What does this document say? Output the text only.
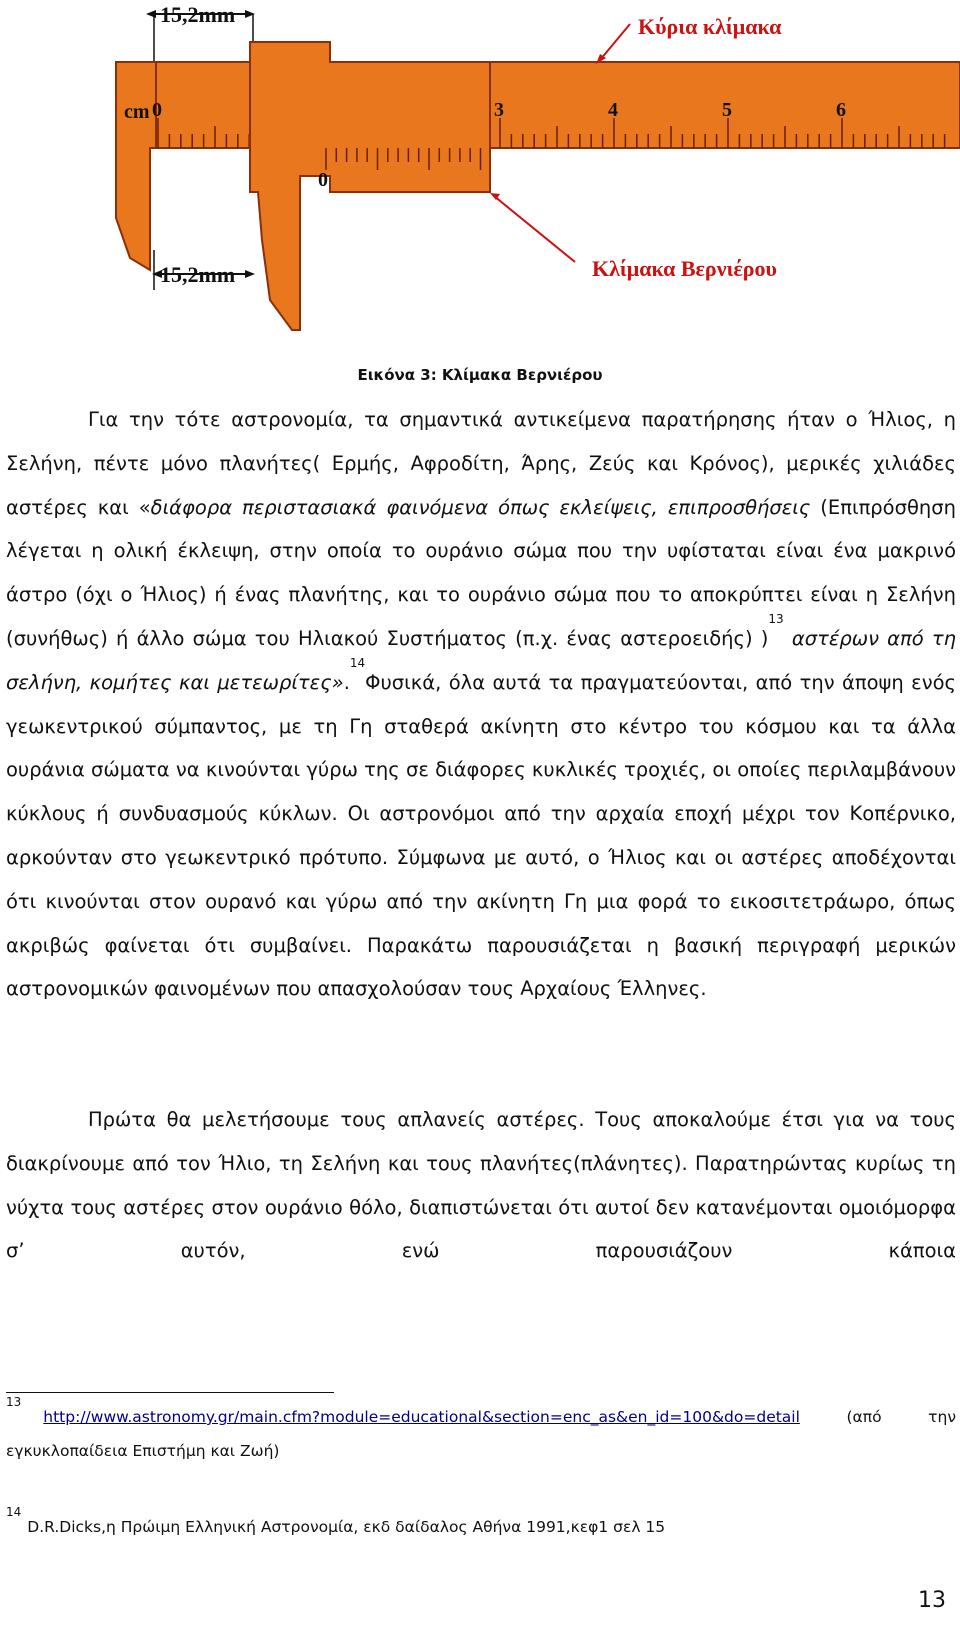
15,2mm
0	3	4	5	6
cm
0
15,2mm
Κύρια κλίμακα
Κλίμακα Βερνιέρου
Εικόνα 3: Κλίμακα Βερνιέρου

Για την τότε αστρονομία, τα σημαντικά αντικείμενα παρατήρησης ήταν ο Ήλιος, η Σελήνη, πέντε μόνο πλανήτες( Ερμής, Αφροδίτη, Άρης, Ζεύς και Κρόνος), μερικές χιλιάδες αστέρες και «διάφορα περιστασιακά φαινόμενα όπως εκλείψεις, επιπροσθήσεις (Επιπρόσθηση λέγεται η ολική έκλειψη, στην οποία το ουράνιο σώμα που την υφίσταται είναι ένα μακρινό άστρο (όχι ο Ήλιος) ή ένας πλανήτης, και το ουράνιο σώμα που το αποκρύπτει είναι η Σελήνη (συνήθως) ή άλλο σώμα του Ηλιακού Συστήματος (π.χ. ένας αστεροειδής) )$^{13}$ αστέρων από τη σελήνη, κομήτες και μετεωρίτες».$^{14}$Φυσικά, όλα αυτά τα πραγματεύονται, από την άποψη ενός γεωκεντρικού σύμπαντος, με τη Γη σταθερά ακίνητη στο κέντρο του κόσμου και τα άλλα ουράνια σώματα να κινούνται γύρω της σε διάφορες κυκλικές τροχιές, οι οποίες περιλαμβάνουν κύκλους ή συνδυασμούς κύκλων. Οι αστρονόμοι από την αρχαία εποχή μέχρι τον Κοπέρνικο, αρκούνταν στο γεωκεντρικό πρότυπο. Σύμφωνα με αυτό, ο Ήλιος και οι αστέρες αποδέχονται ότι κινούνται στον ουρανό και γύρω από την ακίνητη Γη μια φορά το εικοσιτετράωρο, όπως ακριβώς φαίνεται ότι συμβαίνει. Παρακάτω παρουσιάζεται η βασική περιγραφή μερικών αστρονομικών φαινομένων που απασχολούσαν τους Αρχαίους Έλληνες.

Πρώτα θα μελετήσουμε τους απλανείς αστέρες. Τους αποκαλούμε έτσι για να τους διακρίνουμε από τον Ήλιο, τη Σελήνη και τους πλανήτες(πλάνητες). Παρατηρώντας κυρίως τη νύχτα τους αστέρες στον ουράνιο θόλο, διαπιστώνεται ότι αυτοί δεν κατανέμονται ομοιόμορφα σ’ αυτόν, ενώ παρουσιάζουν κάποια

$^{13}$http://www.astronomy.gr/main.cfm?module=educational&section=enc_as&en_id=100&do=detail (από την εγκυκλοπαίδεια Επιστήμη και Ζωή)

$^{14}$D.R.Dicks,η Πρώιμη Ελληνική Αστρονομία, εκδ δαίδαλος Αθήνα 1991,κεφ1 σελ 15

13
